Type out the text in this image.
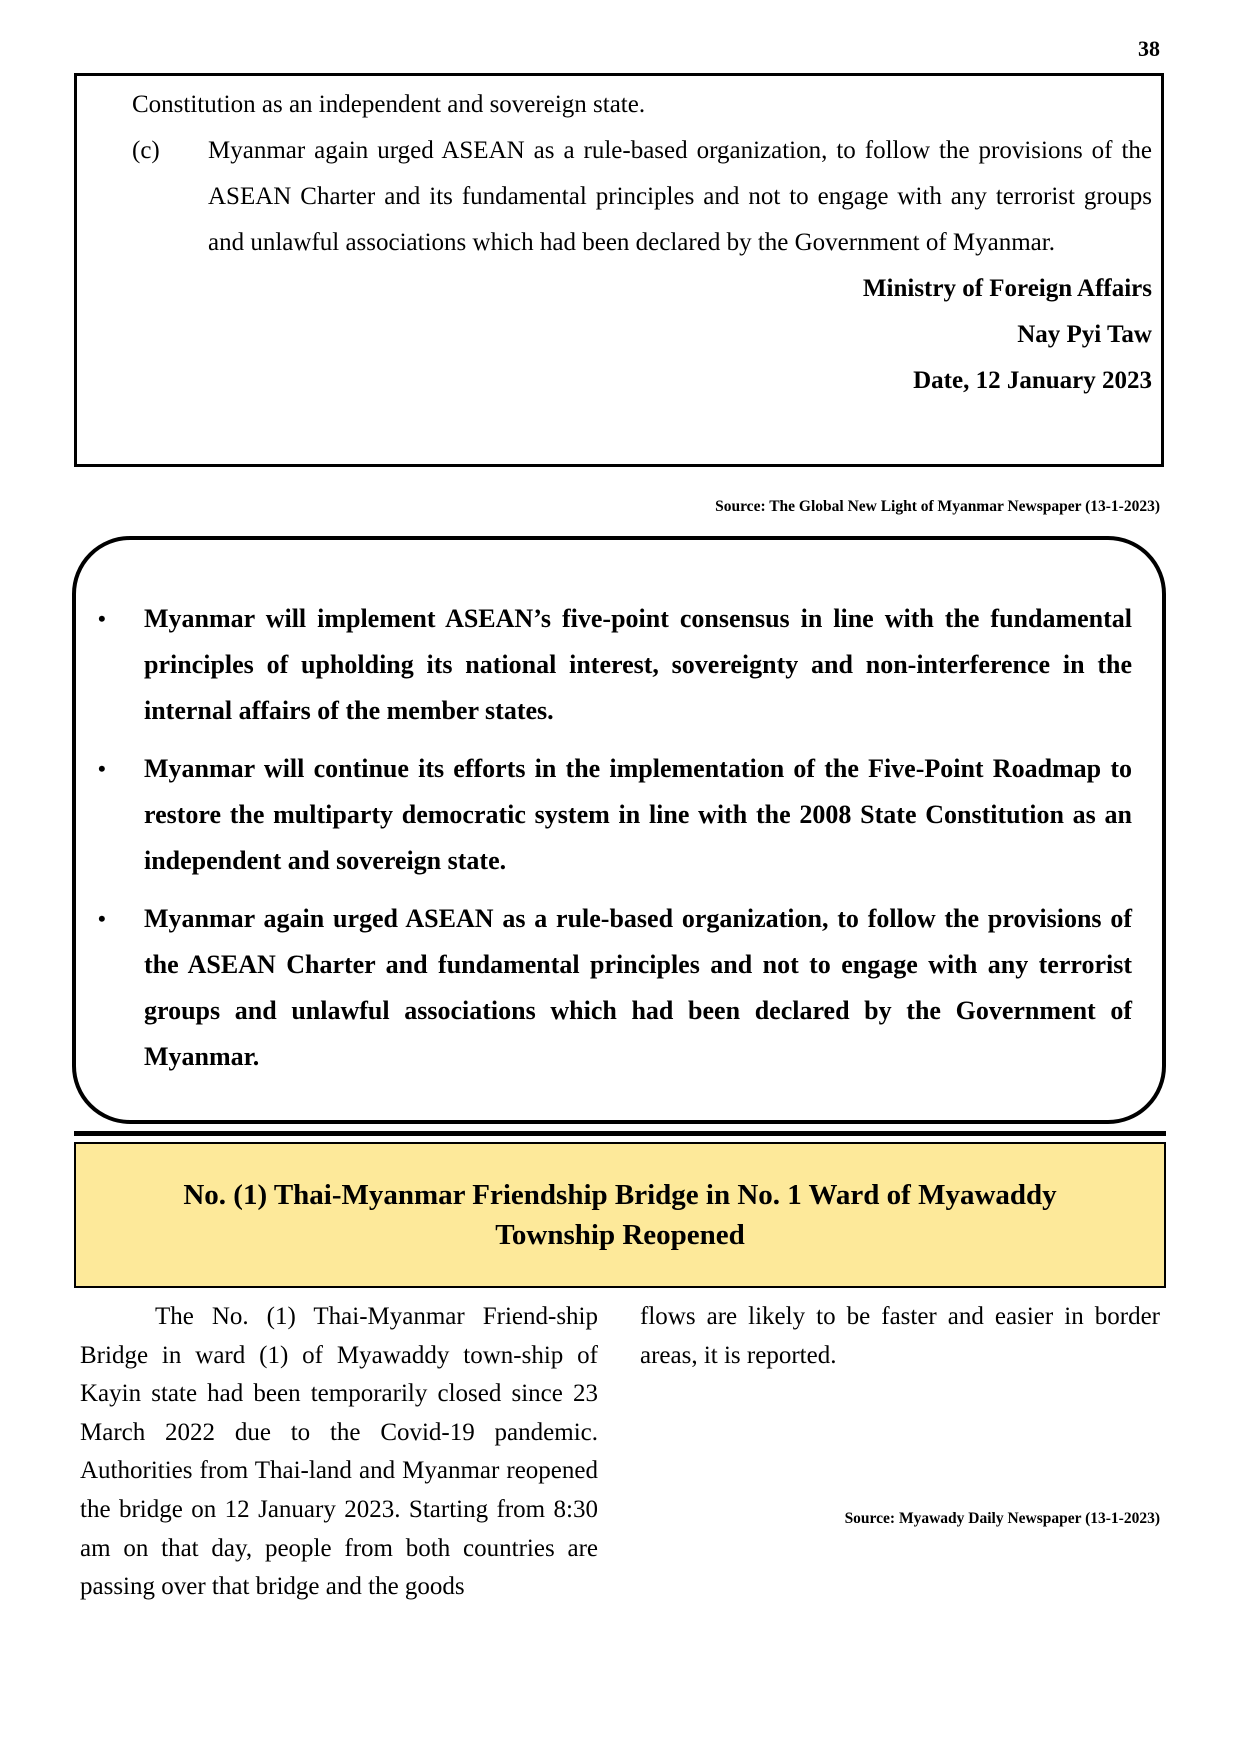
38

Constitution as an independent and sovereign state.

(c)	Myanmar again urged ASEAN as a rule-based organization, to follow the provisions of the ASEAN Charter and its fundamental principles and not to engage with any terrorist groups and unlawful associations which had been declared by the Government of Myanmar.
Ministry of Foreign Affairs
Nay Pyi Taw
Date, 12 January 2023
Source: The Global New Light of Myanmar Newspaper (13-1-2023)
•	Myanmar will implement ASEAN’s five-point consensus in line with the fundamental principles of upholding its national interest, sovereignty and non-interference in the internal affairs of the member states.
•	Myanmar will continue its efforts in the implementation of the Five-Point Roadmap to restore the multiparty democratic system in line with the 2008 State Constitution as an independent and sovereign state.
•	Myanmar again urged ASEAN as a rule-based organization, to follow the provisions of the ASEAN Charter and fundamental principles and not to engage with any terrorist groups and unlawful associations which had been declared by the Government of Myanmar.
No. (1) Thai-Myanmar Friendship Bridge in No. 1 Ward of Myawaddy Township Reopened

The No. (1) Thai-Myanmar Friend-ship Bridge in ward (1) of Myawaddy town-ship of Kayin state had been temporarily closed since 23 March 2022 due to the Covid-19 pandemic. Authorities from Thai-land and Myanmar reopened the bridge on 12 January 2023. Starting from 8:30 am on that day, people from both countries are passing over that bridge and the goods

flows are likely to be faster and easier in border areas, it is reported.

Source: Myawady Daily Newspaper (13-1-2023)
